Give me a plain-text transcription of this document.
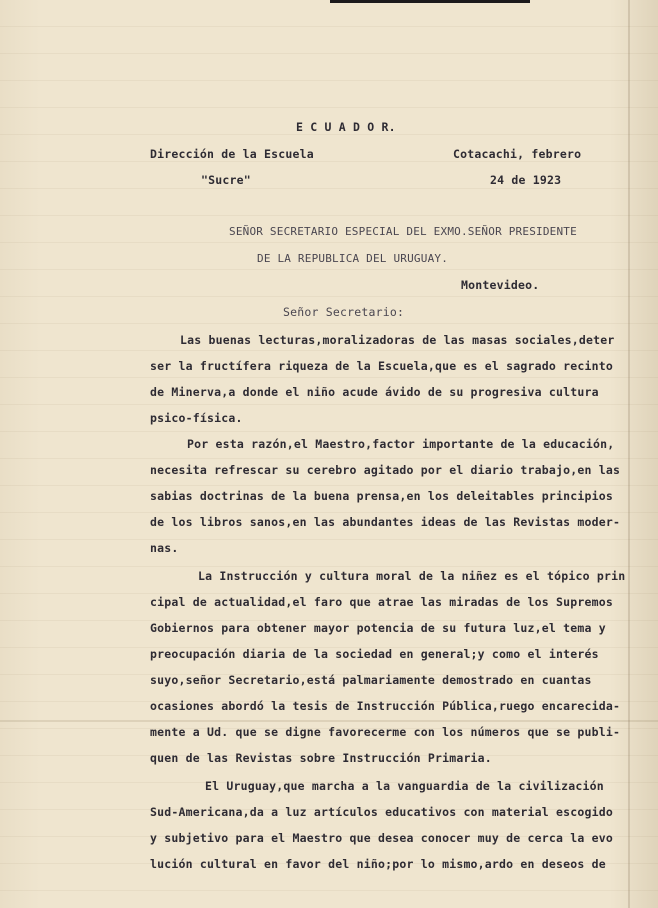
E C U A D O R.
Dirección de la Escuela	Cotacachi, febrero
"Sucre"	24 de 1923
SEÑOR SECRETARIO ESPECIAL DEL EXMO.SEÑOR PRESIDENTE
DE LA REPUBLICA DEL URUGUAY.
Montevideo.
Señor Secretario:
Las buenas lecturas,moralizadoras de las masas sociales,deter
ser la fructífera riqueza de la Escuela,que es el sagrado recinto
de Minerva,a donde el niño acude ávido de su progresiva cultura
psico-física.
Por esta razón,el Maestro,factor importante de la educación,
necesita refrescar su cerebro agitado por el diario trabajo,en las
sabias doctrinas de la buena prensa,en los deleitables principios
de los libros sanos,en las abundantes ideas de las Revistas moder-
nas.
La Instrucción y cultura moral de la niñez es el tópico prin
cipal de actualidad,el faro que atrae las miradas de los Supremos
Gobiernos para obtener mayor potencia de su futura luz,el tema y
preocupación diaria de la sociedad en general;y como el interés
suyo,señor Secretario,está palmariamente demostrado en cuantas
ocasiones abordó la tesis de Instrucción Pública,ruego encarecida-
mente a Ud. que se digne favorecerme con los números que se publi-
quen de las Revistas sobre Instrucción Primaria.
El Uruguay,que marcha a la vanguardia de la civilización
Sud-Americana,da a luz artículos educativos con material escogido
y subjetivo para el Maestro que desea conocer muy de cerca la evo
lución cultural en favor del niño;por lo mismo,ardo en deseos de
